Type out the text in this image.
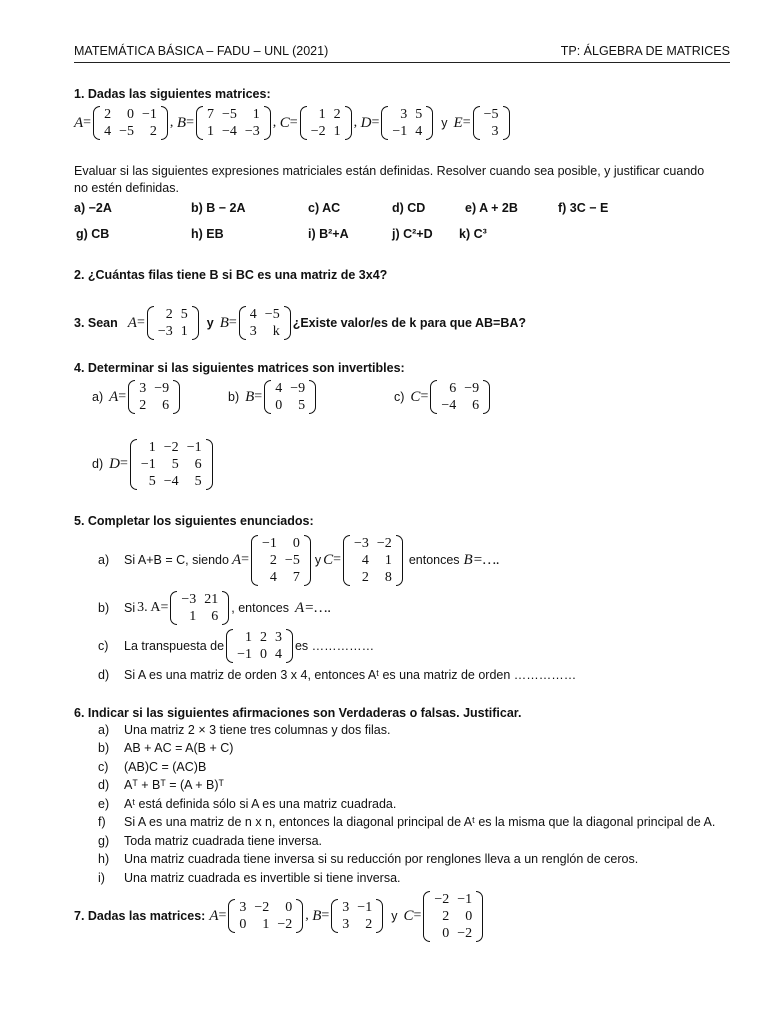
MATEMÁTICA BÁSICA – FADU – UNL (2021)	TP: ÁLGEBRA DE MATRICES
1. Dadas las siguientes matrices:
A =
2	0	−1
4	−5	2
, B =
7	−5	1
1	−4	−3
, C =
1	2
−2	1
, D =
3	5
−1	4
y E =
−5
3
Evaluar si las siguientes expresiones matriciales están definidas. Resolver cuando sea posible, y justificar cuando
no estén definidas.
a) −2A	b) B − 2A	c) AC	d) CD	e) A + 2B	f) 3C − E
g) CB	h) EB	i) B²+A	j) C²+D k) C³
2. ¿Cuántas filas tiene B si BC es una matriz de 3x4?
3. Sean A =
2	5
−3	1
y B =
4	−5
3	k
¿Existe valor/es de k para que AB=BA?
4. Determinar si las siguientes matrices son invertibles:
a) A =
3	−9
2	6
b) B =
4	−9
0	5
c) C =
6	−9
−4	6
d) D =
1	−2	−1
−1	5	6
5	−4	5
5. Completar los siguientes enunciados:
a)	Si A+B = C, siendo A =
−1	0
2	−5
4	7
y C =
−3	−2
4	1
2	8
entonces B=….
b)	Si 3. A=
−3	21
1	6
, entonces A=….
c)	La transpuesta de
1	2	3
−1	0	4
es ……………
d) Si A es una matriz de orden 3 x 4, entonces Aᵗ es una matriz de orden ……………
6. Indicar si las siguientes afirmaciones son Verdaderas o falsas. Justificar.
a) Una matriz 2 × 3 tiene tres columnas y dos filas.
b) AB + AC = A(B + C)
c) (AB)C = (AC)B
d) Aᵀ + Bᵀ = (A + B)ᵀ
e) Aᵗ está definida sólo si A es una matriz cuadrada.
f) Si A es una matriz de n x n, entonces la diagonal principal de Aᵗ es la misma que la diagonal principal de A.
g) Toda matriz cuadrada tiene inversa.
h) Una matriz cuadrada tiene inversa si su reducción por renglones lleva a un renglón de ceros.
i) Una matriz cuadrada es invertible si tiene inversa.
7. Dadas las matrices: A =
3	−2	0
0	1	−2
, B =
3	−1
3	2
y C =
−2	−1
2	0
0	−2
